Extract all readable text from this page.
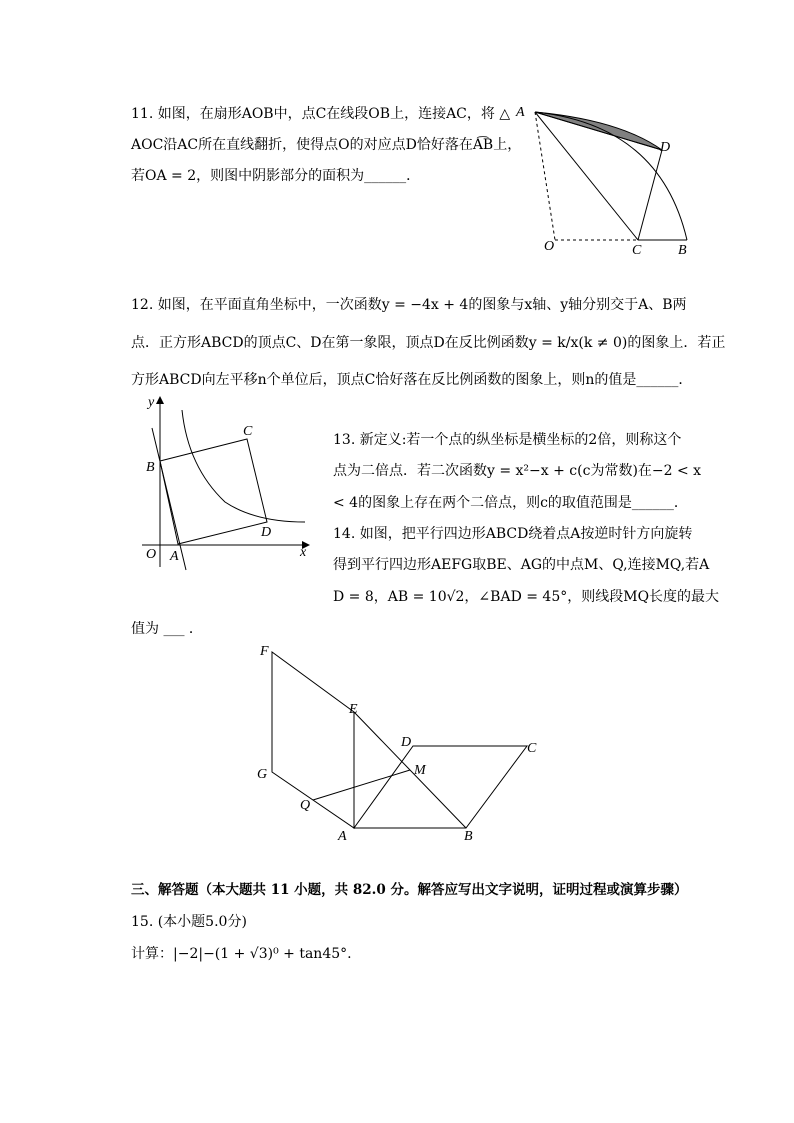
11. 如图，在扇形AOB中，点C在线段OB上，连接AC，将 △
AOC沿AC所在直线翻折，使得点O的对应点D恰好落在A͡B上，
若OA = 2，则图中阴影部分的面积为______．
A
D
O	C	B
12. 如图，在平面直角坐标中，一次函数y = −4x + 4的图象与x轴、y轴分别交于A、B两
点．正方形ABCD的顶点C、D在第一象限，顶点D在反比例函数y = k/x(k ≠ 0)的图象上．若正
方形ABCD向左平移n个单位后，顶点C恰好落在反比例函数的图象上，则n的值是______．
y
x
O A
B
C
D
13. 新定义:若一个点的纵坐标是横坐标的2倍，则称这个
点为二倍点．若二次函数y = x²−x + c(c为常数)在−2 < x
< 4的图象上存在两个二倍点，则c的取值范围是______．
14. 如图，把平行四边形ABCD绕着点A按逆时针方向旋转
得到平行四边形AEFG取BE、AG的中点M、Q,连接MQ,若A
D = 8，AB = 10√2，∠BAD = 45°，则线段MQ长度的最大
值为 ___ ．
F
E
D	C
G	M
Q
A	B
三、解答题（本大题共 11 小题，共 82.0 分。解答应写出文字说明，证明过程或演算步骤）
15. (本小题5.0分)
计算：|−2|−(1 + √3)⁰ + tan45°.
